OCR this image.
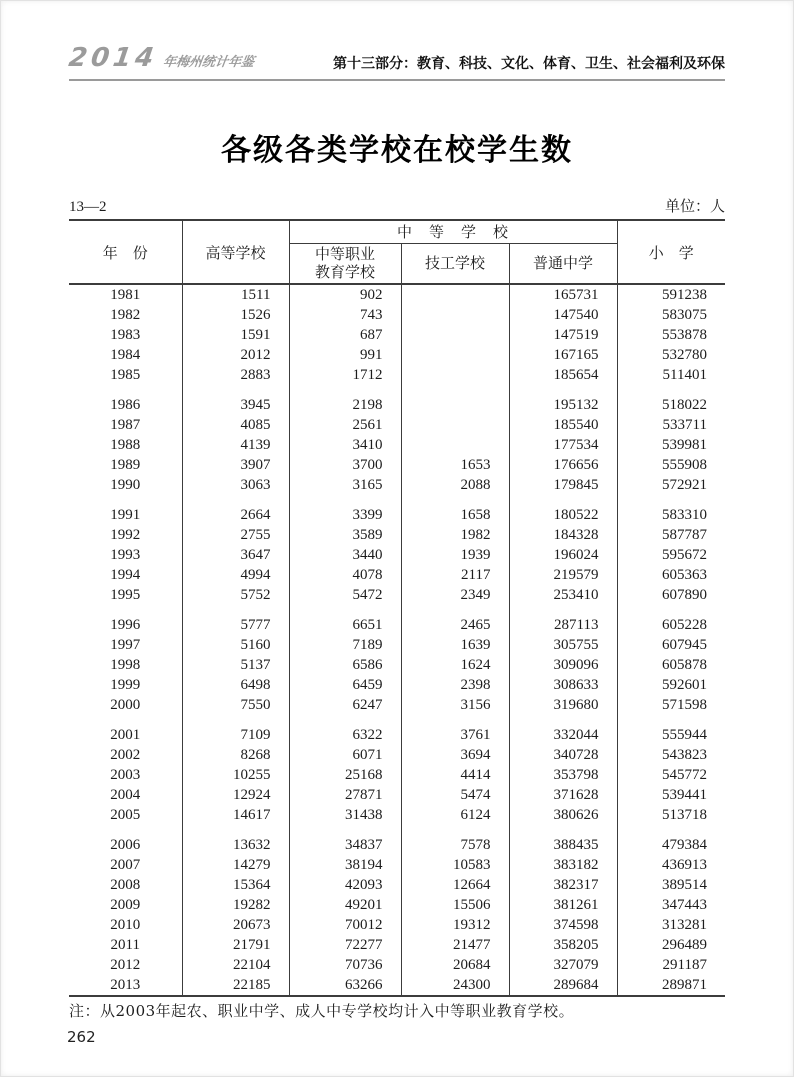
2014 年梅州统计年鉴	第十三部分：教育、科技、文化、体育、卫生、社会福利及环保
各级各类学校在校学生数
13—2	单位：人
年　份	高等学校	中　等　学　校			小　学
		中等职业
教育学校	技工学校	普通中学	
1981	1511	902		165731	591238
1982	1526	743		147540	583075
1983	1591	687		147519	553878
1984	2012	991		167165	532780
1985	2883	1712		185654	511401

1986	3945	2198		195132	518022
1987	4085	2561		185540	533711
1988	4139	3410		177534	539981
1989	3907	3700	1653	176656	555908
1990	3063	3165	2088	179845	572921

1991	2664	3399	1658	180522	583310
1992	2755	3589	1982	184328	587787
1993	3647	3440	1939	196024	595672
1994	4994	4078	2117	219579	605363
1995	5752	5472	2349	253410	607890

1996	5777	6651	2465	287113	605228
1997	5160	7189	1639	305755	607945
1998	5137	6586	1624	309096	605878
1999	6498	6459	2398	308633	592601
2000	7550	6247	3156	319680	571598

2001	7109	6322	3761	332044	555944
2002	8268	6071	3694	340728	543823
2003	10255	25168	4414	353798	545772
2004	12924	27871	5474	371628	539441
2005	14617	31438	6124	380626	513718

2006	13632	34837	7578	388435	479384
2007	14279	38194	10583	383182	436913
2008	15364	42093	12664	382317	389514
2009	19282	49201	15506	381261	347443
2010	20673	70012	19312	374598	313281
2011	21791	72277	21477	358205	296489
2012	22104	70736	20684	327079	291187
2013	22185	63266	24300	289684	289871
注：从2003年起农、职业中学、成人中专学校均计入中等职业教育学校。
262
